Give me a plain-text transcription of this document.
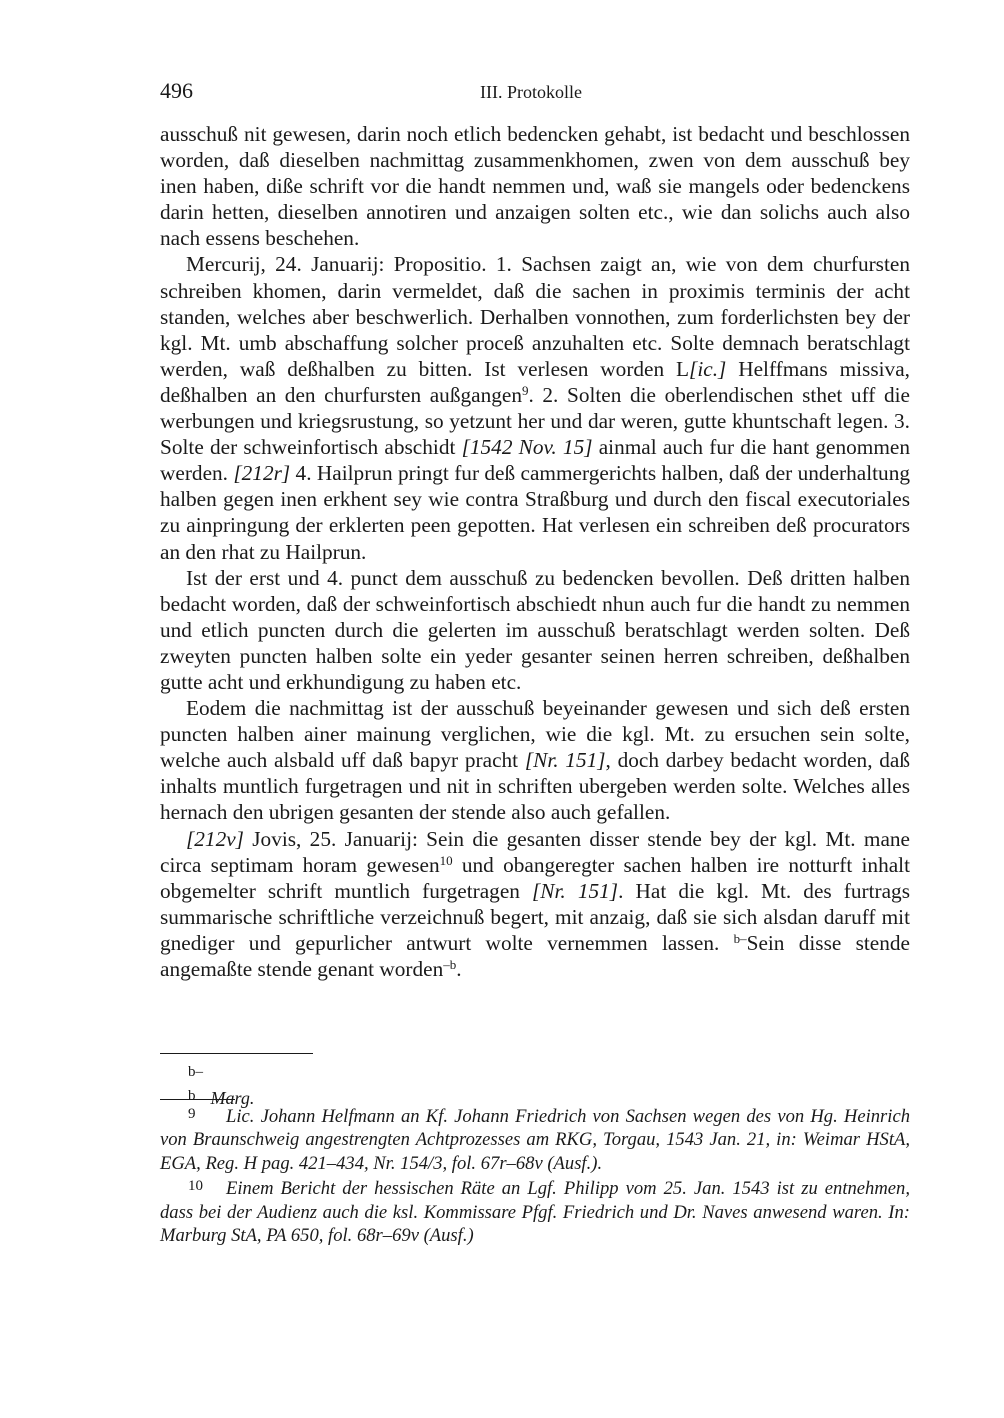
496	III. Protokolle

ausschuß nit gewesen, darin noch etlich bedencken gehabt, ist bedacht und beschlossen worden, daß dieselben nachmittag zusammenkhomen, zwen von dem ausschuß bey inen haben, diße schrift vor die handt nemmen und, waß sie mangels oder bedenckens darin hetten, dieselben annotiren und anzaigen solten etc., wie dan solichs auch also nach essens beschehen.

Mercurij, 24. Januarij: Propositio. 1. Sachsen zaigt an, wie von dem churfursten schreiben khomen, darin vermeldet, daß die sachen in proximis terminis der acht standen, welches aber beschwerlich. Derhalben vonnothen, zum forderlichsten bey der kgl. Mt. umb abschaffung solcher proceß anzuhalten etc. Solte demnach beratschlagt werden, waß deßhalben zu bitten. Ist verlesen worden L[ic.] Helffmans missiva, deßhalben an den churfursten außgangen$^9$. 2. Solten die oberlendischen sthet uff die werbungen und kriegsrustung, so yetzunt her und dar weren, gutte khuntschaft legen. 3. Solte der schweinfortisch abschidt [1542 Nov. 15] ainmal auch fur die hant genommen werden. [212r] 4. Hailprun pringt fur deß cammergerichts halben, daß der underhaltung halben gegen inen erkhent sey wie contra Straßburg und durch den fiscal executoriales zu ainpringung der erklerten peen gepotten. Hat verlesen ein schreiben deß procurators an den rhat zu Hailprun.

Ist der erst und 4. punct dem ausschuß zu bedencken bevollen. Deß dritten halben bedacht worden, daß der schweinfortisch abschiedt nhun auch fur die handt zu nemmen und etlich puncten durch die gelerten im ausschuß beratschlagt werden solten. Deß zweyten puncten halben solte ein yeder gesanter seinen herren schreiben, deßhalben gutte acht und erkhundigung zu haben etc.

Eodem die nachmittag ist der ausschuß beyeinander gewesen und sich deß ersten puncten halben ainer mainung verglichen, wie die kgl. Mt. zu ersuchen sein solte, welche auch alsbald uff daß bapyr pracht [Nr. 151], doch darbey bedacht worden, daß inhalts muntlich furgetragen und nit in schriften ubergeben werden solte. Welches alles hernach den ubrigen gesanten der stende also auch gefallen.

[212v] Jovis, 25. Januarij: Sein die gesanten disser stende bey der kgl. Mt. mane circa septimam horam gewesen$^{10}$ und obangeregter sachen halben ire notturft inhalt obgemelter schrift muntlich furgetragen [Nr. 151]. Hat die kgl. Mt. des furtrags summarische schriftliche verzeichnuß begert, mit anzaig, daß sie sich alsdan daruff mit gnediger und gepurlicher antwurt wolte vernemmen lassen. $^{b-}$Sein disse stende angemaßte stende genant worden$^{-b}$.

b–b Marg.

9 Lic. Johann Helfmann an Kf. Johann Friedrich von Sachsen wegen des von Hg. Heinrich von Braunschweig angestrengten Achtprozesses am RKG, Torgau, 1543 Jan. 21, in: Weimar HStA, EGA, Reg. H pag. 421–434, Nr. 154/3, fol. 67r–68v (Ausf.).

10 Einem Bericht der hessischen Räte an Lgf. Philipp vom 25. Jan. 1543 ist zu entnehmen, dass bei der Audienz auch die ksl. Kommissare Pfgf. Friedrich und Dr. Naves anwesend waren. In: Marburg StA, PA 650, fol. 68r–69v (Ausf.)
